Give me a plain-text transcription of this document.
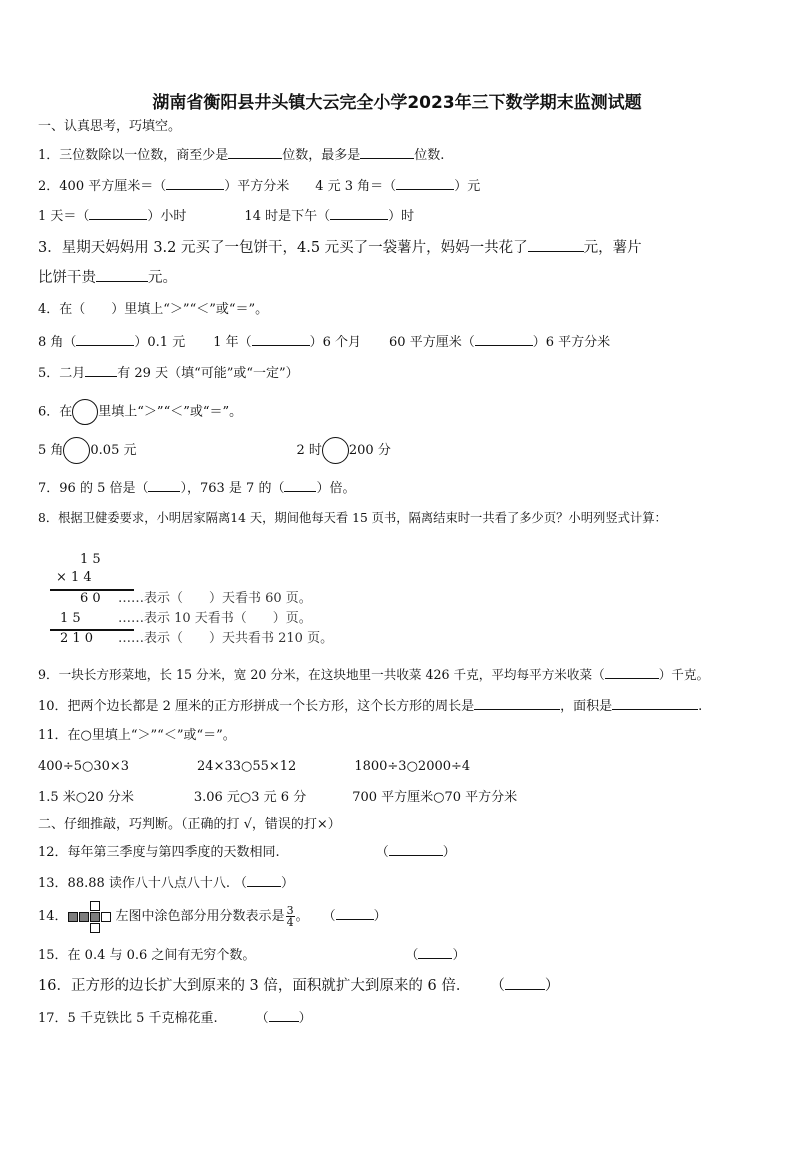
湖南省衡阳县井头镇大云完全小学2023年三下数学期末监测试题
一、认真思考，巧填空。
1．三位数除以一位数，商至少是	位数，最多是	位数.
2．400 平方厘米＝（	）平方分米 4 元 3 角＝（	）元
1 天＝（	）小时	14 时是下午（	）时
3．星期天妈妈用 3.2 元买了一包饼干，4.5 元买了一袋薯片，妈妈一共花了	元，薯片
比饼干贵	元。
4．在（　　）里填上“＞”“＜”或“＝”。
8 角（	）0.1 元 1 年（	）6 个月 60 平方厘米（	）6 平方分米
5．二月 有 29 天（填“可能”或“一定”）
6．在 里填上“＞”“＜”或“＝”。
5 角 0.05 元	2 时 200 分
7．96 的 5 倍是（ ），763 是 7 的（ ）倍。
8．根据卫健委要求，小明居家隔离14 天，期间他每天看 15 页书，隔离结束时一共看了多少页？小明列竖式计算：
1 5
× 1 4
6 0 ……表示（　　）天看书 60 页。
1 5	……表示 10 天看书（　　）页。
2 1 0 ……表示（　　）天共看书 210 页。
9．一块长方形菜地，长 15 分米，宽 20 分米，在这块地里一共收菜 426 千克，平均每平方米收菜（	）千克。
10．把两个边长都是 2 厘米的正方形拼成一个长方形，这个长方形的周长是	，面积是	.
11．在○里填上“＞”“＜”或“＝”。
400÷5○30×3	24×33○55×12	1800÷3○2000÷4
1.5 米○20 分米	3.06 元○3 元 6 分	700 平方厘米○70 平方分米
二、仔细推敲，巧判断。（正确的打 √，错误的打×）
12．每年第三季度与第四季度的天数相同.	（	）
13．88.88 读作八十八点八十八. （	）
14．

	左图中涂色部分用分数表示是 $\frac{3}{4}$ 。 （	）
15．在 0.4 与 0.6 之间有无穷个数。	（	）
16．正方形的边长扩大到原来的 3 倍，面积就扩大到原来的 6 倍． （	）
17．5 千克铁比 5 千克棉花重.	（ ）
